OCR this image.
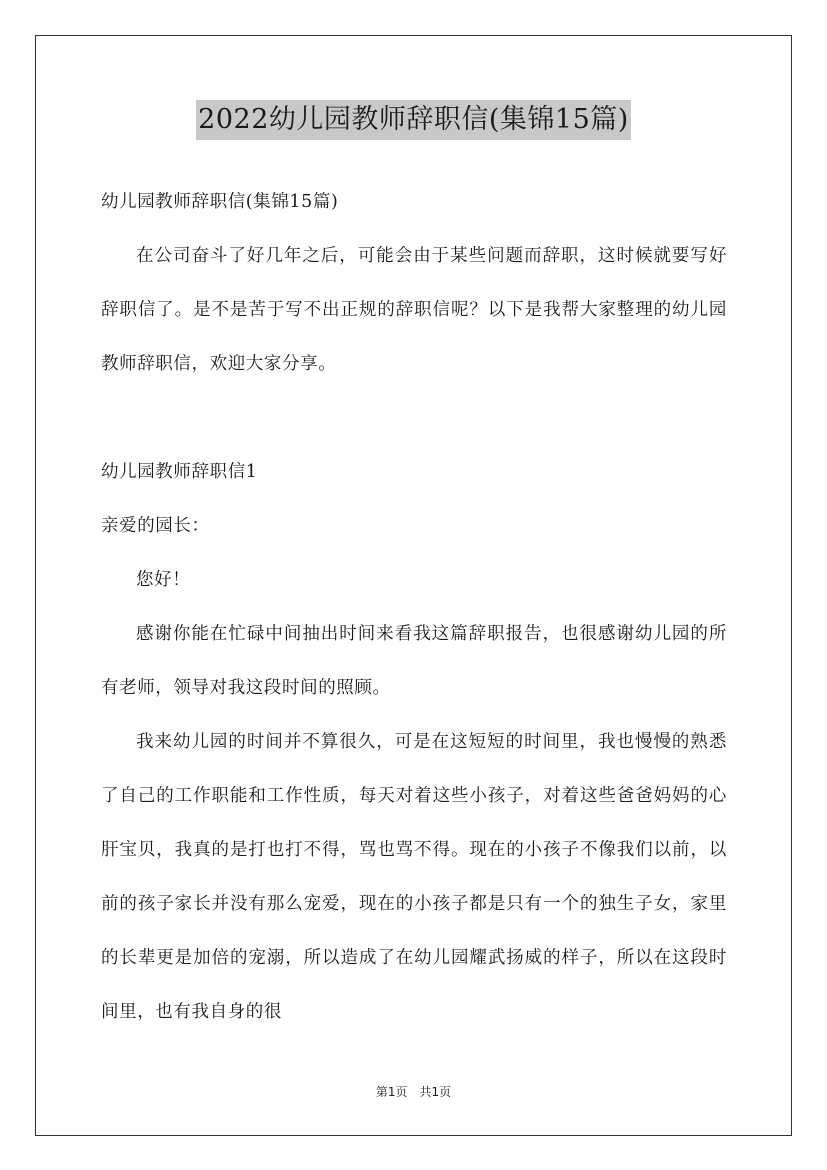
2022幼儿园教师辞职信(集锦15篇)

幼儿园教师辞职信(集锦15篇)

在公司奋斗了好几年之后，可能会由于某些问题而辞职，这时候就要写好辞职信了。是不是苦于写不出正规的辞职信呢？以下是我帮大家整理的幼儿园教师辞职信，欢迎大家分享。

幼儿园教师辞职信1

亲爱的园长：

您好！

感谢你能在忙碌中间抽出时间来看我这篇辞职报告，也很感谢幼儿园的所有老师，领导对我这段时间的照顾。

我来幼儿园的时间并不算很久，可是在这短短的时间里，我也慢慢的熟悉了自己的工作职能和工作性质，每天对着这些小孩子，对着这些爸爸妈妈的心肝宝贝，我真的是打也打不得，骂也骂不得。现在的小孩子不像我们以前，以前的孩子家长并没有那么宠爱，现在的小孩子都是只有一个的独生子女，家里的长辈更是加倍的宠溺，所以造成了在幼儿园耀武扬威的样子，所以在这段时间里，也有我自身的很

第1页 共1页
